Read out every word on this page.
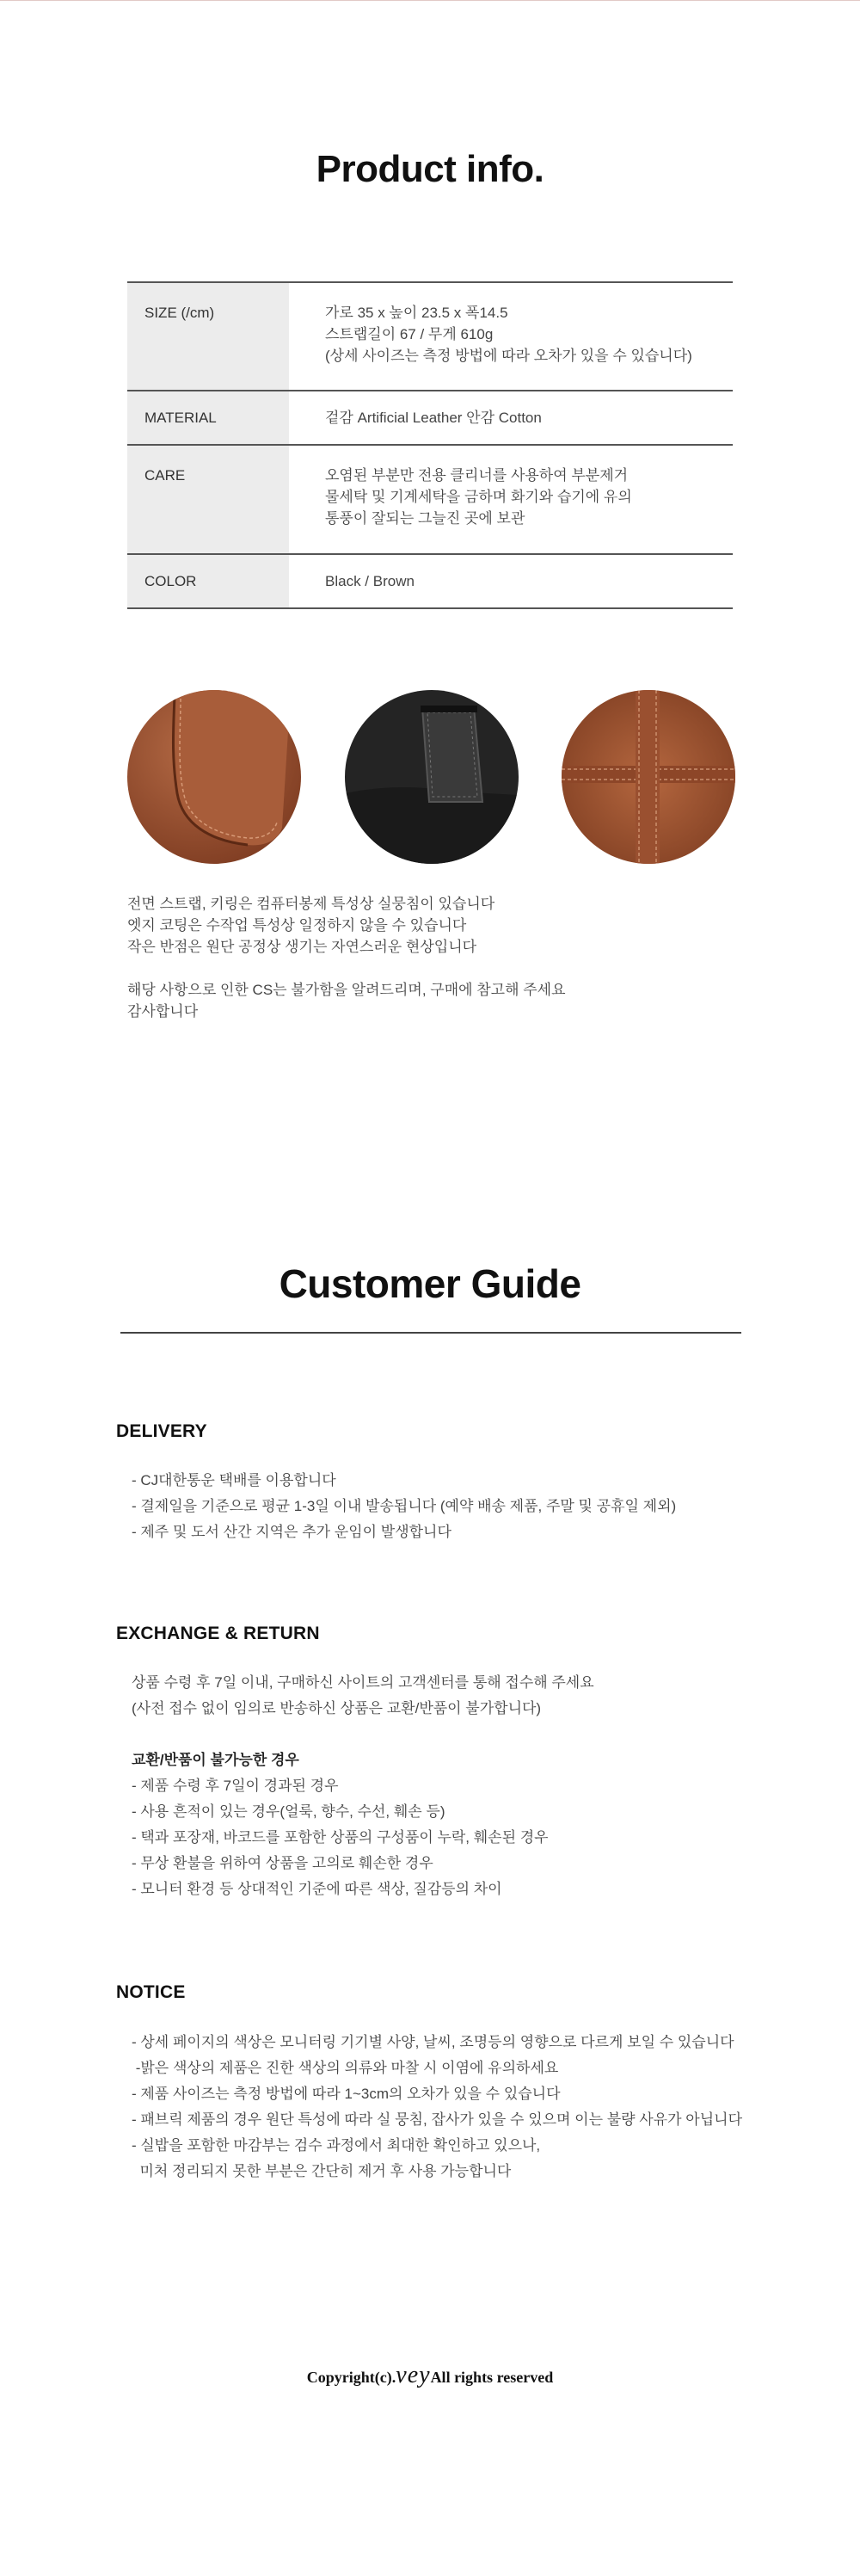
Product info.
SIZE (/cm)	가로 35 x 높이 23.5 x 폭14.5
스트랩길이 67 / 무게 610g
(상세 사이즈는 측정 방법에 따라 오차가 있을 수 있습니다)

MATERIAL	겉감 Artificial Leather 안감 Cotton

CARE	오염된 부분만 전용 클리너를 사용하여 부분제거
물세탁 및 기계세탁을 금하며 화기와 습기에 유의
통풍이 잘되는 그늘진 곳에 보관

COLOR	Black / Brown
전면 스트랩, 키링은 컴퓨터봉제 특성상 실뭉침이 있습니다
엣지 코팅은 수작업 특성상 일정하지 않을 수 있습니다
작은 반점은 원단 공정상 생기는 자연스러운 현상입니다
해당 사항으로 인한 CS는 불가함을 알려드리며, 구매에 참고해 주세요
감사합니다
Customer Guide
DELIVERY
- CJ대한통운 택배를 이용합니다
- 결제일을 기준으로 평균 1-3일 이내 발송됩니다 (예약 배송 제품, 주말 및 공휴일 제외)
- 제주 및 도서 산간 지역은 추가 운임이 발생합니다
EXCHANGE & RETURN
상품 수령 후 7일 이내, 구매하신 사이트의 고객센터를 통해 접수해 주세요
(사전 접수 없이 임의로 반송하신 상품은 교환/반품이 불가합니다)
교환/반품이 불가능한 경우
- 제품 수령 후 7일이 경과된 경우
- 사용 흔적이 있는 경우(얼룩, 향수, 수선, 훼손 등)
- 택과 포장재, 바코드를 포함한 상품의 구성품이 누락, 훼손된 경우
- 무상 환불을 위하여 상품을 고의로 훼손한 경우
- 모니터 환경 등 상대적인 기준에 따른 색상, 질감등의 차이
NOTICE
- 상세 페이지의 색상은 모니터링 기기별 사양, 날씨, 조명등의 영향으로 다르게 보일 수 있습니다
-밝은 색상의 제품은 진한 색상의 의류와 마찰 시 이염에 유의하세요
- 제품 사이즈는 측정 방법에 따라 1~3cm의 오차가 있을 수 있습니다
- 패브릭 제품의 경우 원단 특성에 따라 실 뭉침, 잡사가 있을 수 있으며 이는 불량 사유가 아닙니다
- 실밥을 포함한 마감부는 검수 과정에서 최대한 확인하고 있으나,
미처 정리되지 못한 부분은 간단히 제거 후 사용 가능합니다
Copyright(c).veyAll rights reserved
